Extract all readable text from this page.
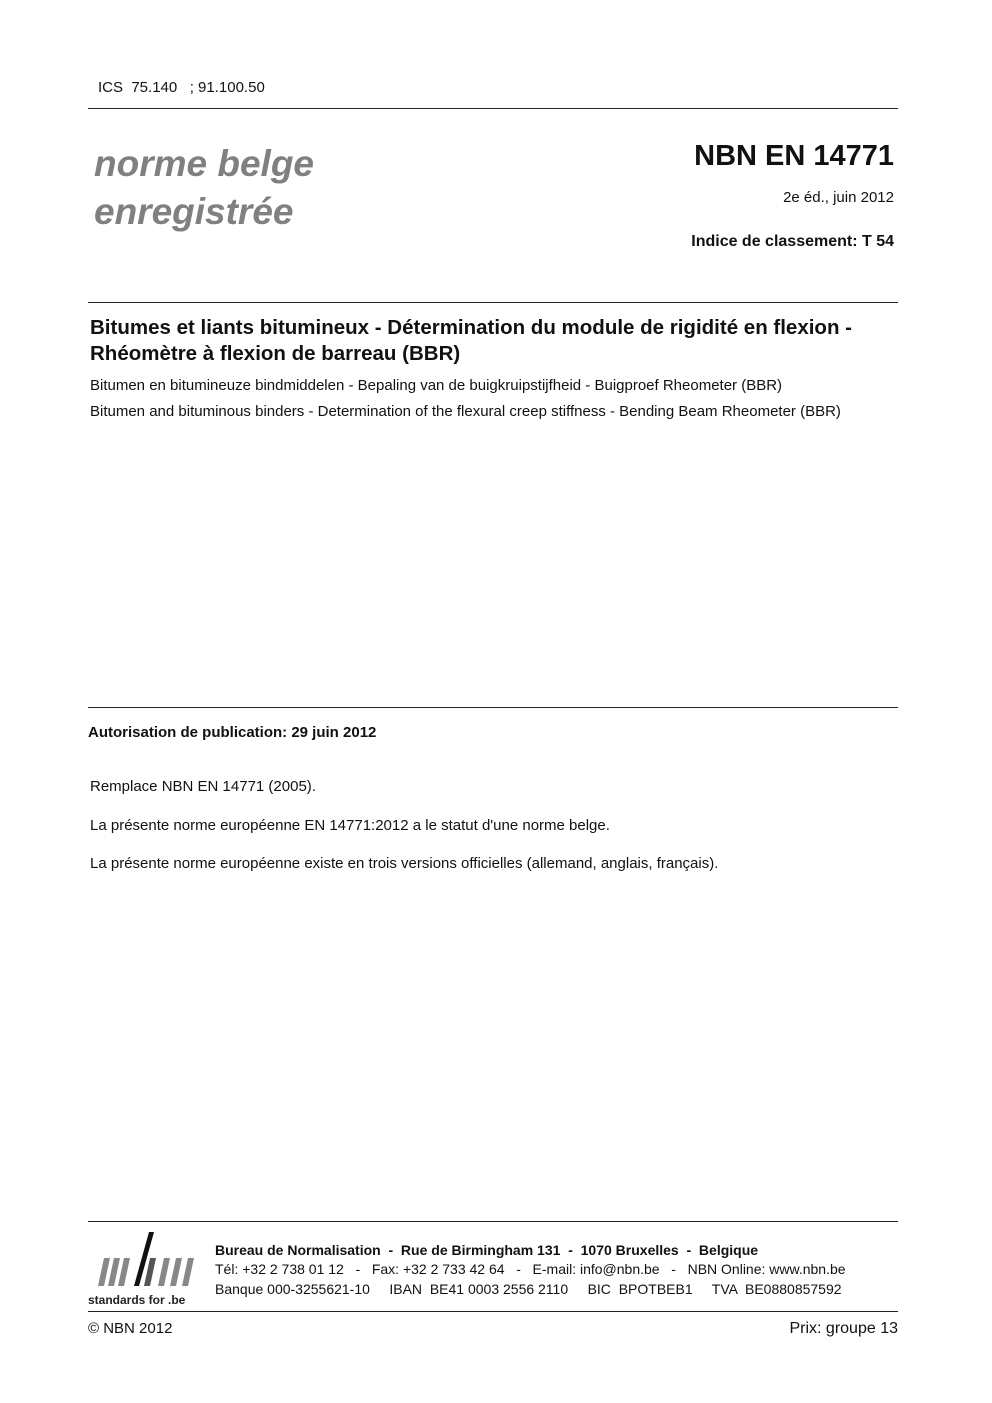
ICS  75.140   ; 91.100.50
norme belge
enregistrée
NBN EN 14771
2e éd., juin 2012
Indice de classement: T 54
Bitumes et liants bitumineux - Détermination du module de rigidité en flexion - Rhéomètre à flexion de barreau (BBR)
Bitumen en bitumineuze bindmiddelen - Bepaling van de buigkruipstijfheid - Buigproef Rheometer (BBR)
Bitumen and bituminous binders - Determination of the flexural creep stiffness - Bending Beam Rheometer (BBR)
Autorisation de publication: 29 juin 2012
Remplace NBN EN 14771 (2005).
La présente norme européenne EN 14771:2012 a le statut d'une norme belge.
La présente norme européenne existe en trois versions officielles (allemand, anglais, français).
standards for .be
Bureau de Normalisation  -  Rue de Birmingham 131  -  1070 Bruxelles  -  Belgique
Tél: +32 2 738 01 12   -   Fax: +32 2 733 42 64   -   E-mail: info@nbn.be   -   NBN Online: www.nbn.be
Banque 000-3255621-10     IBAN  BE41 0003 2556 2110     BIC  BPOTBEB1     TVA  BE0880857592
© NBN 2012	Prix: groupe 13
